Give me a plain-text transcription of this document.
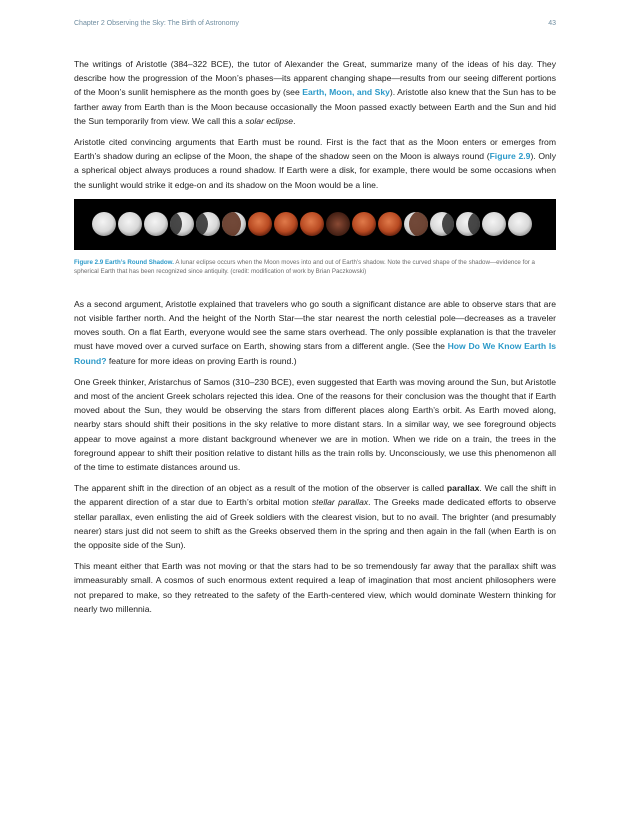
Chapter 2 Observing the Sky: The Birth of Astronomy	43

The writings of Aristotle (384–322 BCE), the tutor of Alexander the Great, summarize many of the ideas of his day. They describe how the progression of the Moon’s phases—its apparent changing shape—results from our seeing different portions of the Moon’s sunlit hemisphere as the month goes by (see Earth, Moon, and Sky). Aristotle also knew that the Sun has to be farther away from Earth than is the Moon because occasionally the Moon passed exactly between Earth and the Sun and hid the Sun temporarily from view. We call this a solar eclipse.

Aristotle cited convincing arguments that Earth must be round. First is the fact that as the Moon enters or emerges from Earth’s shadow during an eclipse of the Moon, the shape of the shadow seen on the Moon is always round (Figure 2.9). Only a spherical object always produces a round shadow. If Earth were a disk, for example, there would be some occasions when the sunlight would strike it edge-on and its shadow on the Moon would be a line.

Figure 2.9 Earth’s Round Shadow. A lunar eclipse occurs when the Moon moves into and out of Earth’s shadow. Note the curved shape of the shadow—evidence for a spherical Earth that has been recognized since antiquity. (credit: modification of work by Brian Paczkowski)

As a second argument, Aristotle explained that travelers who go south a significant distance are able to observe stars that are not visible farther north. And the height of the North Star—the star nearest the north celestial pole—decreases as a traveler moves south. On a flat Earth, everyone would see the same stars overhead. The only possible explanation is that the traveler must have moved over a curved surface on Earth, showing stars from a different angle. (See the How Do We Know Earth Is Round? feature for more ideas on proving Earth is round.)

One Greek thinker, Aristarchus of Samos (310–230 BCE), even suggested that Earth was moving around the Sun, but Aristotle and most of the ancient Greek scholars rejected this idea. One of the reasons for their conclusion was the thought that if Earth moved about the Sun, they would be observing the stars from different places along Earth’s orbit. As Earth moved along, nearby stars should shift their positions in the sky relative to more distant stars. In a similar way, we see foreground objects appear to move against a more distant background whenever we are in motion. When we ride on a train, the trees in the foreground appear to shift their position relative to distant hills as the train rolls by. Unconsciously, we use this phenomenon all of the time to estimate distances around us.

The apparent shift in the direction of an object as a result of the motion of the observer is called parallax. We call the shift in the apparent direction of a star due to Earth’s orbital motion stellar parallax. The Greeks made dedicated efforts to observe stellar parallax, even enlisting the aid of Greek soldiers with the clearest vision, but to no avail. The brighter (and presumably nearer) stars just did not seem to shift as the Greeks observed them in the spring and then again in the fall (when Earth is on the opposite side of the Sun).

This meant either that Earth was not moving or that the stars had to be so tremendously far away that the parallax shift was immeasurably small. A cosmos of such enormous extent required a leap of imagination that most ancient philosophers were not prepared to make, so they retreated to the safety of the Earth-centered view, which would dominate Western thinking for nearly two millennia.
